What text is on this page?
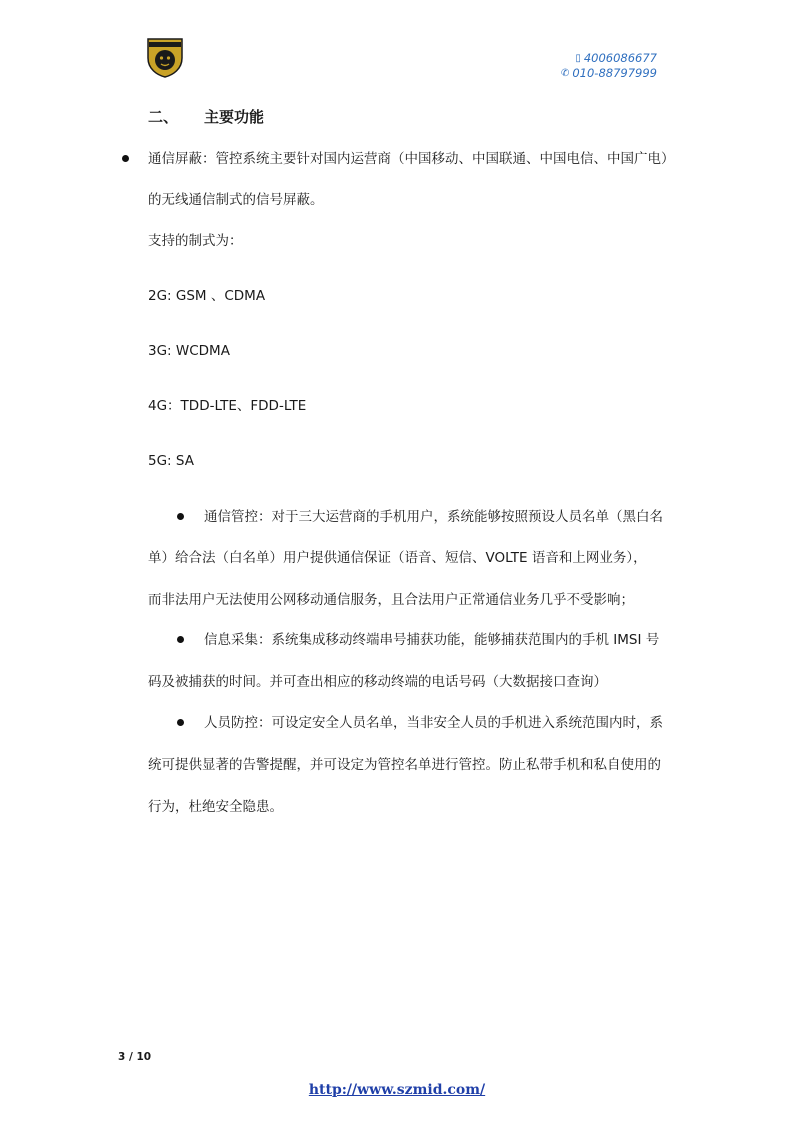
▯ 4006086677
✆ 010-88797999
二、 主要功能
通信屏蔽：管控系统主要针对国内运营商（中国移动、中国联通、中国电信、中国广电）
的无线通信制式的信号屏蔽。
支持的制式为：
2G: GSM 、CDMA
3G: WCDMA
4G：TDD-LTE、FDD-LTE
5G: SA
通信管控：对于三大运营商的手机用户，系统能够按照预设人员名单（黑白名
单）给合法（白名单）用户提供通信保证（语音、短信、VOLTE 语音和上网业务），
而非法用户无法使用公网移动通信服务，且合法用户正常通信业务几乎不受影响；
信息采集：系统集成移动终端串号捕获功能，能够捕获范围内的手机 IMSI 号
码及被捕获的时间。并可查出相应的移动终端的电话号码（大数据接口查询）
人员防控：可设定安全人员名单，当非安全人员的手机进入系统范围内时，系
统可提供显著的告警提醒，并可设定为管控名单进行管控。防止私带手机和私自使用的
行为，杜绝安全隐患。
3 / 10
http://www.szmid.com/
